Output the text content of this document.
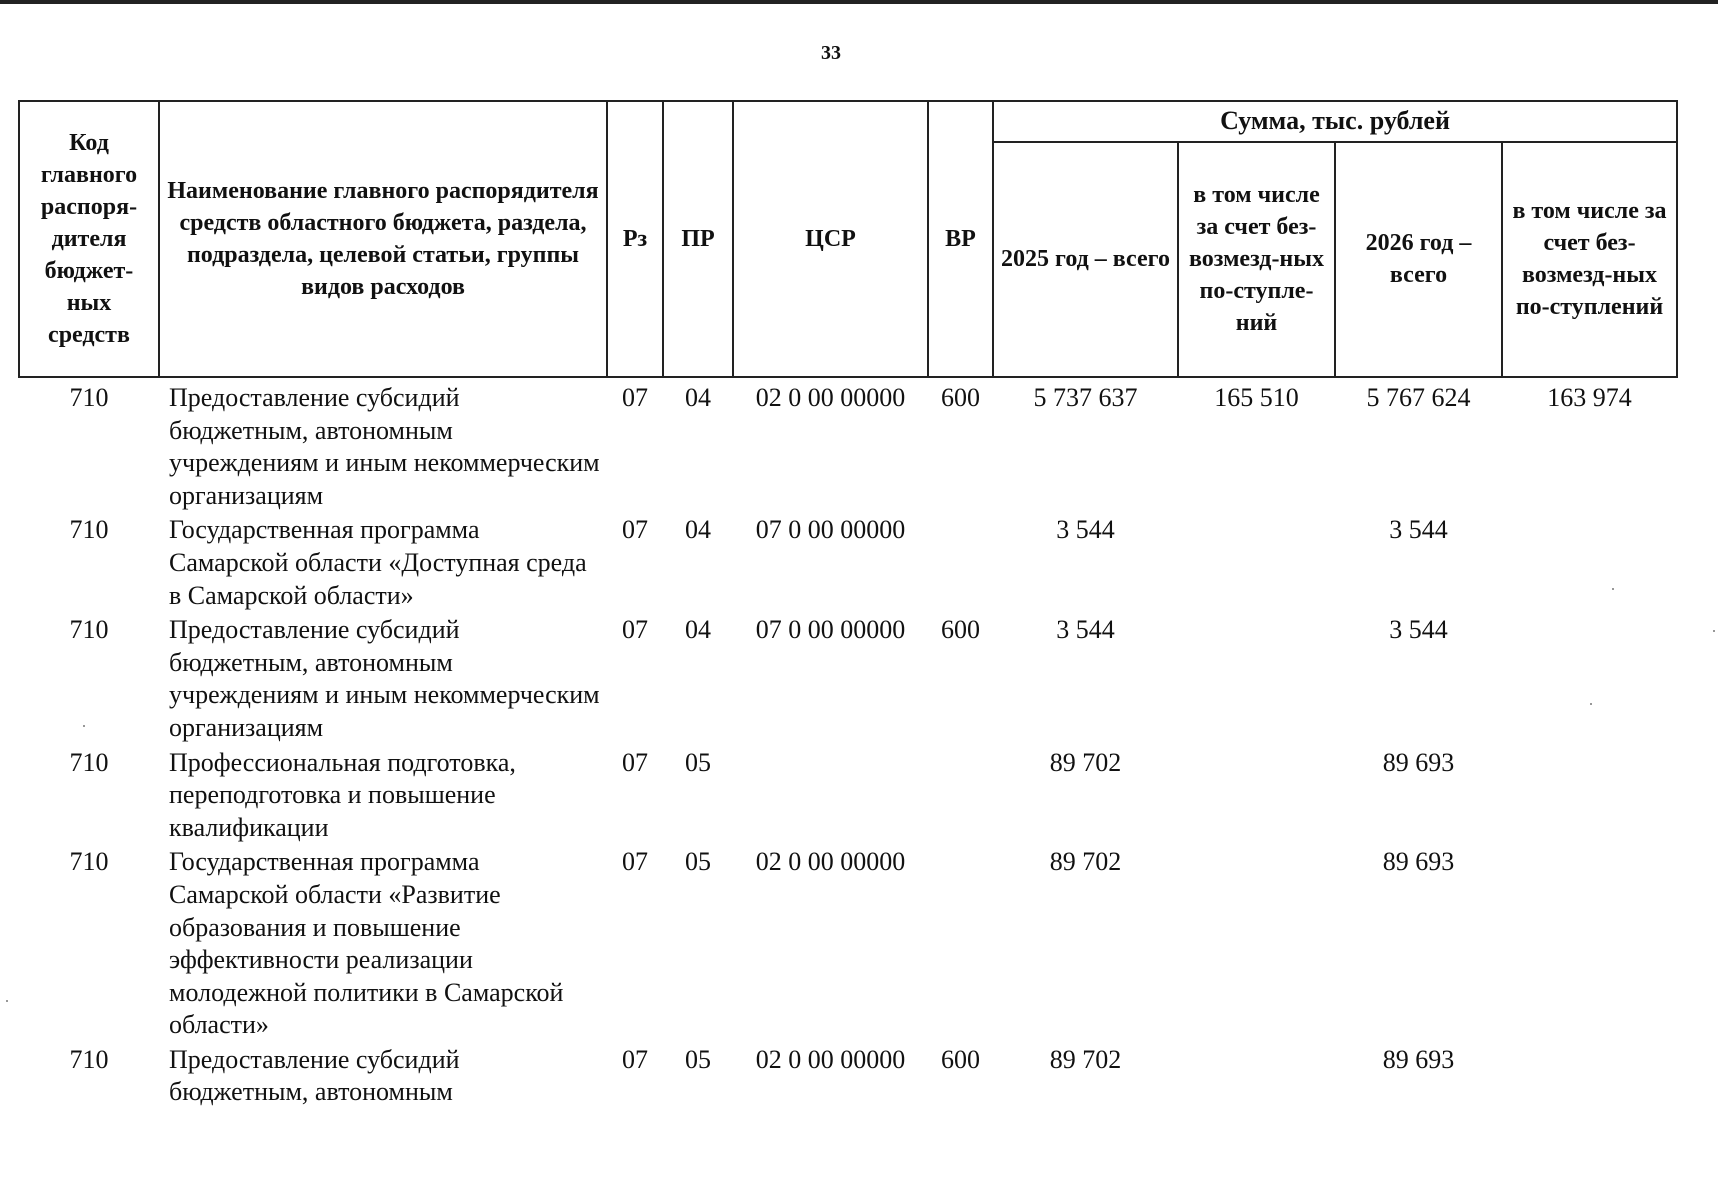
33
Код главного распоря-дителя бюджет-ных средств	Наименование главного распорядителя средств областного бюджета, раздела, подраздела, целевой статьи, группы видов расходов	Рз	ПР	ЦСР	ВР	Сумма, тыс. рублей			
						2025 год – всего	в том числе за счет без-возмезд-ных по-ступле-ний	2026 год – всего	в том числе за счет без-возмезд-ных по-ступлений
710	Предоставление субсидий бюджетным, автономным учреждениям и иным некоммерческим организациям	07	04	02 0 00 00000	600	5 737 637	165 510	5 767 624	163 974
710	Государственная программа Самарской области «Доступная среда в Самарской области»	07	04	07 0 00 00000		3 544		3 544	
710	Предоставление субсидий бюджетным, автономным учреждениям и иным некоммерческим организациям	07	04	07 0 00 00000	600	3 544		3 544	
710	Профессиональная подготовка, переподготовка и повышение квалификации	07	05			89 702		89 693	
710	Государственная программа Самарской области «Развитие образования и повышение эффективности реализации молодежной политики в Самарской области»	07	05	02 0 00 00000		89 702		89 693	
710	Предоставление субсидий бюджетным, автономным	07	05	02 0 00 00000	600	89 702		89 693	
